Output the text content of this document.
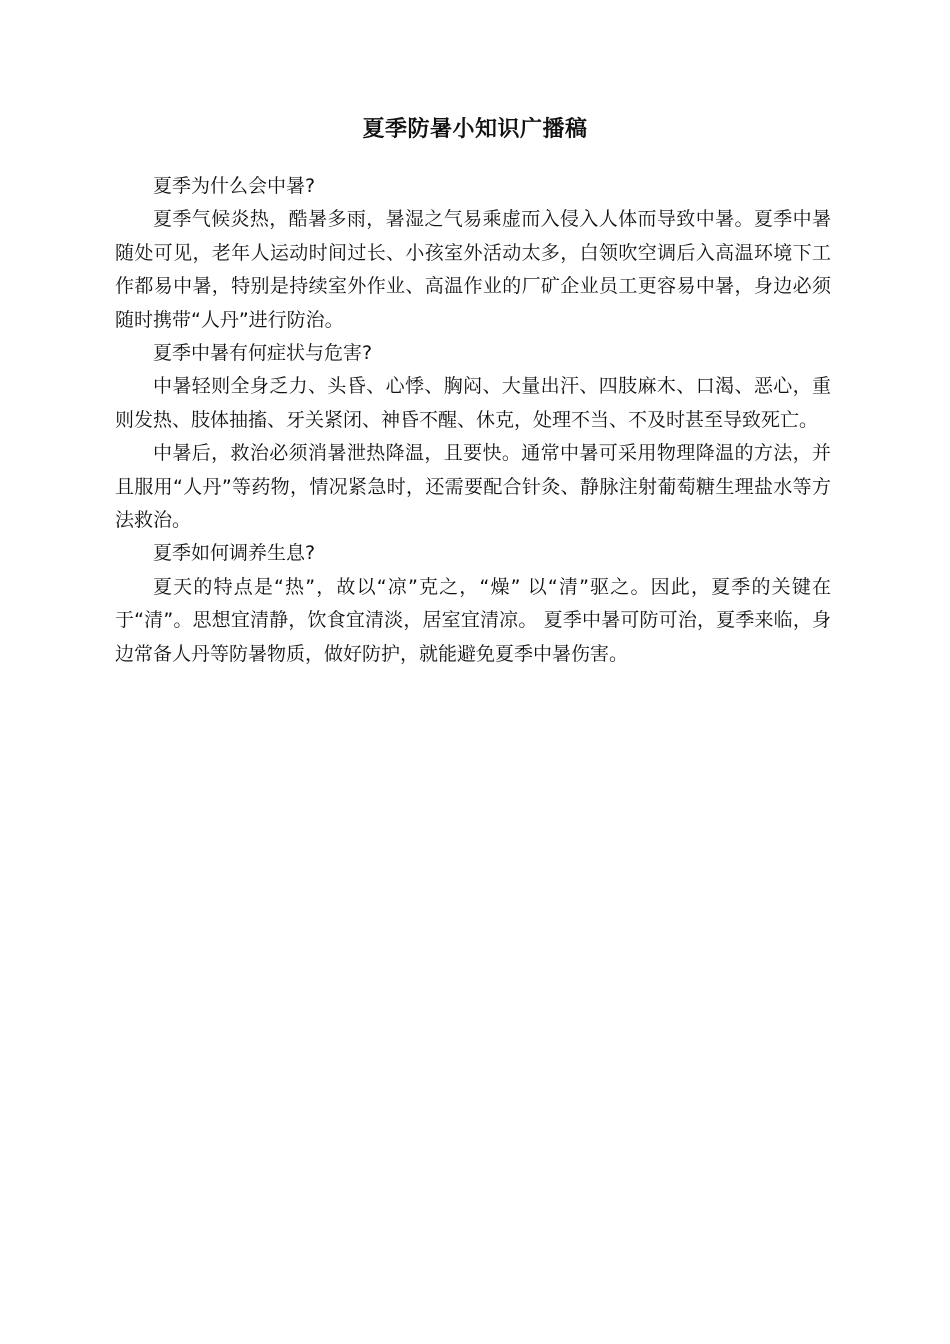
夏季防暑小知识广播稿

夏季为什么会中暑?

夏季气候炎热，酷暑多雨，暑湿之气易乘虚而入侵入人体而导致中暑。夏季中暑随处可见，老年人运动时间过长、小孩室外活动太多，白领吹空调后入高温环境下工作都易中暑，特别是持续室外作业、高温作业的厂矿企业员工更容易中暑，身边必须随时携带“人丹”进行防治。

夏季中暑有何症状与危害?

中暑轻则全身乏力、头昏、心悸、胸闷、大量出汗、四肢麻木、口渴、恶心，重则发热、肢体抽搐、牙关紧闭、神昏不醒、休克，处理不当、不及时甚至导致死亡。

中暑后，救治必须消暑泄热降温，且要快。通常中暑可采用物理降温的方法，并且服用“人丹”等药物，情况紧急时，还需要配合针灸、静脉注射葡萄糖生理盐水等方法救治。

夏季如何调养生息?

夏天的特点是“热”，故以“凉”克之，“燥” 以“清”驱之。因此，夏季的关键在于“清”。思想宜清静，饮食宜清淡，居室宜清凉。 夏季中暑可防可治，夏季来临，身边常备人丹等防暑物质，做好防护，就能避免夏季中暑伤害。
